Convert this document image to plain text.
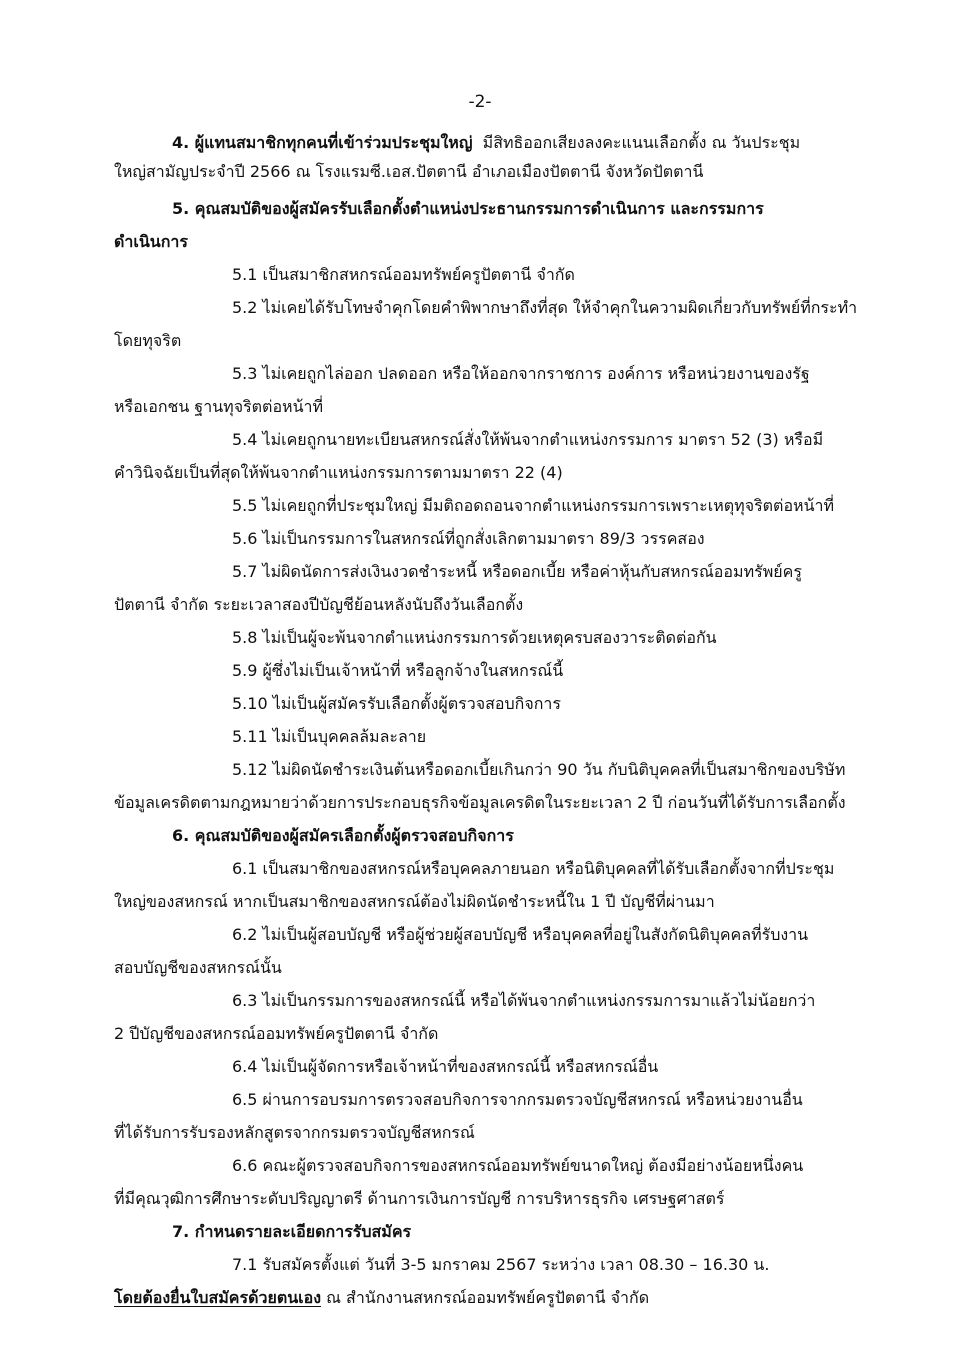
-2-
4. ผู้แทนสมาชิกทุกคนที่เข้าร่วมประชุมใหญ่ มีสิทธิออกเสียงลงคะแนนเลือกตั้ง ณ วันประชุม
ใหญ่สามัญประจำปี 2566 ณ โรงแรมซี.เอส.ปัตตานี อำเภอเมืองปัตตานี จังหวัดปัตตานี
5. คุณสมบัติของผู้สมัครรับเลือกตั้งตำแหน่งประธานกรรมการดำเนินการ และกรรมการ
ดำเนินการ
5.1 เป็นสมาชิกสหกรณ์ออมทรัพย์ครูปัตตานี จำกัด
5.2 ไม่เคยได้รับโทษจำคุกโดยคำพิพากษาถึงที่สุด ให้จำคุกในความผิดเกี่ยวกับทรัพย์ที่กระทำ
โดยทุจริต
5.3 ไม่เคยถูกไล่ออก ปลดออก หรือให้ออกจากราชการ องค์การ หรือหน่วยงานของรัฐ
หรือเอกชน ฐานทุจริตต่อหน้าที่
5.4 ไม่เคยถูกนายทะเบียนสหกรณ์สั่งให้พ้นจากตำแหน่งกรรมการ มาตรา 52 (3) หรือมี
คำวินิจฉัยเป็นที่สุดให้พ้นจากตำแหน่งกรรมการตามมาตรา 22 (4)
5.5 ไม่เคยถูกที่ประชุมใหญ่ มีมติถอดถอนจากตำแหน่งกรรมการเพราะเหตุทุจริตต่อหน้าที่
5.6 ไม่เป็นกรรมการในสหกรณ์ที่ถูกสั่งเลิกตามมาตรา 89/3 วรรคสอง
5.7 ไม่ผิดนัดการส่งเงินงวดชำระหนี้ หรือดอกเบี้ย หรือค่าหุ้นกับสหกรณ์ออมทรัพย์ครู
ปัตตานี จำกัด ระยะเวลาสองปีบัญชีย้อนหลังนับถึงวันเลือกตั้ง
5.8 ไม่เป็นผู้จะพ้นจากตำแหน่งกรรมการด้วยเหตุครบสองวาระติดต่อกัน
5.9 ผู้ซึ่งไม่เป็นเจ้าหน้าที่ หรือลูกจ้างในสหกรณ์นี้
5.10 ไม่เป็นผู้สมัครรับเลือกตั้งผู้ตรวจสอบกิจการ
5.11 ไม่เป็นบุคคลล้มละลาย
5.12 ไม่ผิดนัดชำระเงินต้นหรือดอกเบี้ยเกินกว่า 90 วัน กับนิติบุคคลที่เป็นสมาชิกของบริษัท
ข้อมูลเครดิตตามกฎหมายว่าด้วยการประกอบธุรกิจข้อมูลเครดิตในระยะเวลา 2 ปี ก่อนวันที่ได้รับการเลือกตั้ง
6. คุณสมบัติของผู้สมัครเลือกตั้งผู้ตรวจสอบกิจการ
6.1 เป็นสมาชิกของสหกรณ์หรือบุคคลภายนอก หรือนิติบุคคลที่ได้รับเลือกตั้งจากที่ประชุม
ใหญ่ของสหกรณ์ หากเป็นสมาชิกของสหกรณ์ต้องไม่ผิดนัดชำระหนี้ใน 1 ปี บัญชีที่ผ่านมา
6.2 ไม่เป็นผู้สอบบัญชี หรือผู้ช่วยผู้สอบบัญชี หรือบุคคลที่อยู่ในสังกัดนิติบุคคลที่รับงาน
สอบบัญชีของสหกรณ์นั้น
6.3 ไม่เป็นกรรมการของสหกรณ์นี้ หรือได้พ้นจากตำแหน่งกรรมการมาแล้วไม่น้อยกว่า
2 ปีบัญชีของสหกรณ์ออมทรัพย์ครูปัตตานี จำกัด
6.4 ไม่เป็นผู้จัดการหรือเจ้าหน้าที่ของสหกรณ์นี้ หรือสหกรณ์อื่น
6.5 ผ่านการอบรมการตรวจสอบกิจการจากกรมตรวจบัญชีสหกรณ์ หรือหน่วยงานอื่น
ที่ได้รับการรับรองหลักสูตรจากกรมตรวจบัญชีสหกรณ์
6.6 คณะผู้ตรวจสอบกิจการของสหกรณ์ออมทรัพย์ขนาดใหญ่ ต้องมีอย่างน้อยหนึ่งคน
ที่มีคุณวุฒิการศึกษาระดับปริญญาตรี ด้านการเงินการบัญชี การบริหารธุรกิจ เศรษฐศาสตร์
7. กำหนดรายละเอียดการรับสมัคร
7.1 รับสมัครตั้งแต่ วันที่ 3-5 มกราคม 2567 ระหว่าง เวลา 08.30 – 16.30 น.
โดยต้องยื่นใบสมัครด้วยตนเอง ณ สำนักงานสหกรณ์ออมทรัพย์ครูปัตตานี จำกัด
